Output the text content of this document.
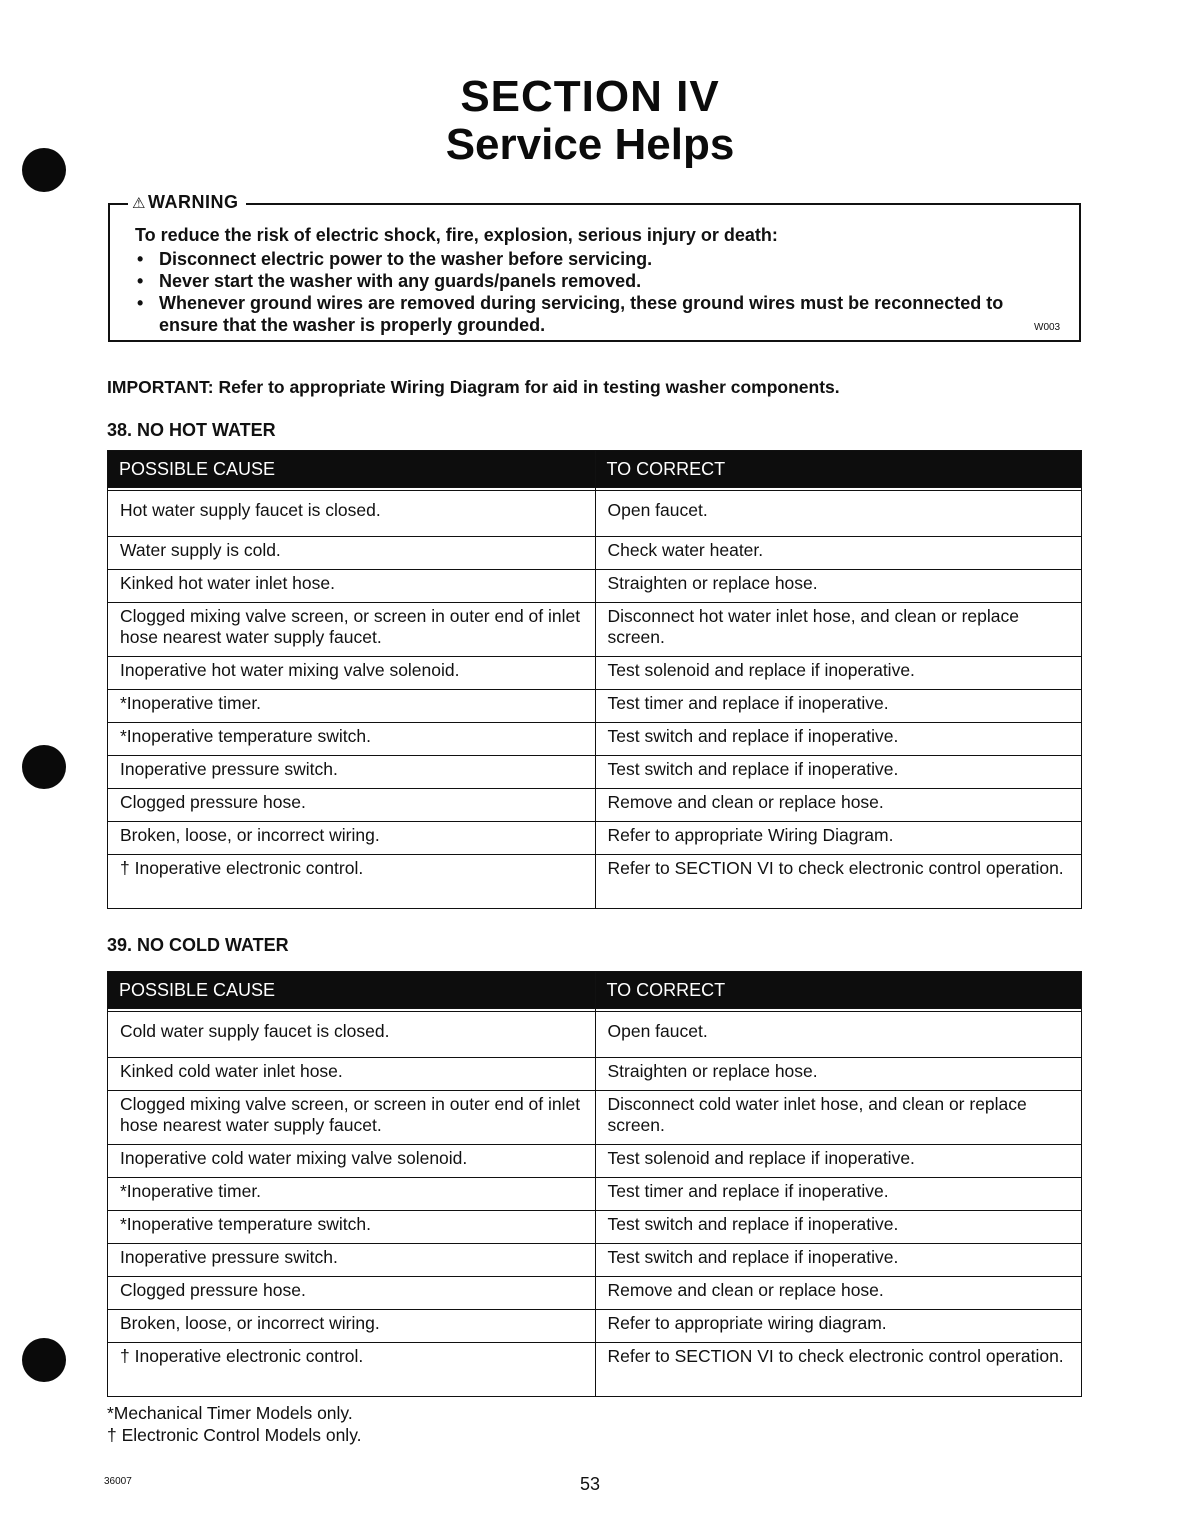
SECTION IV
Service Helps
⚠ WARNING
To reduce the risk of electric shock, fire, explosion, serious injury or death:
• Disconnect electric power to the washer before servicing.
• Never start the washer with any guards/panels removed.
• Whenever ground wires are removed during servicing, these ground wires must be reconnected to ensure that the washer is properly grounded.	W003
IMPORTANT: Refer to appropriate Wiring Diagram for aid in testing washer components.
38. NO HOT WATER
POSSIBLE CAUSE	TO CORRECT

Hot water supply faucet is closed.	Open faucet.
Water supply is cold.	Check water heater.
Kinked hot water inlet hose.	Straighten or replace hose.
Clogged mixing valve screen, or screen in outer end of inlet hose nearest water supply faucet.	Disconnect hot water inlet hose, and clean or replace screen.
Inoperative hot water mixing valve solenoid.	Test solenoid and replace if inoperative.
*Inoperative timer.	Test timer and replace if inoperative.
*Inoperative temperature switch.	Test switch and replace if inoperative.
Inoperative pressure switch.	Test switch and replace if inoperative.
Clogged pressure hose.	Remove and clean or replace hose.
Broken, loose, or incorrect wiring.	Refer to appropriate Wiring Diagram.
† Inoperative electronic control.	Refer to SECTION VI to check electronic control operation.
39. NO COLD WATER
POSSIBLE CAUSE	TO CORRECT

Cold water supply faucet is closed.	Open faucet.
Kinked cold water inlet hose.	Straighten or replace hose.
Clogged mixing valve screen, or screen in outer end of inlet hose nearest water supply faucet.	Disconnect cold water inlet hose, and clean or replace screen.
Inoperative cold water mixing valve solenoid.	Test solenoid and replace if inoperative.
*Inoperative timer.	Test timer and replace if inoperative.
*Inoperative temperature switch.	Test switch and replace if inoperative.
Inoperative pressure switch.	Test switch and replace if inoperative.
Clogged pressure hose.	Remove and clean or replace hose.
Broken, loose, or incorrect wiring.	Refer to appropriate wiring diagram.
† Inoperative electronic control.	Refer to SECTION VI to check electronic control operation.
*Mechanical Timer Models only.
† Electronic Control Models only.
36007	53
